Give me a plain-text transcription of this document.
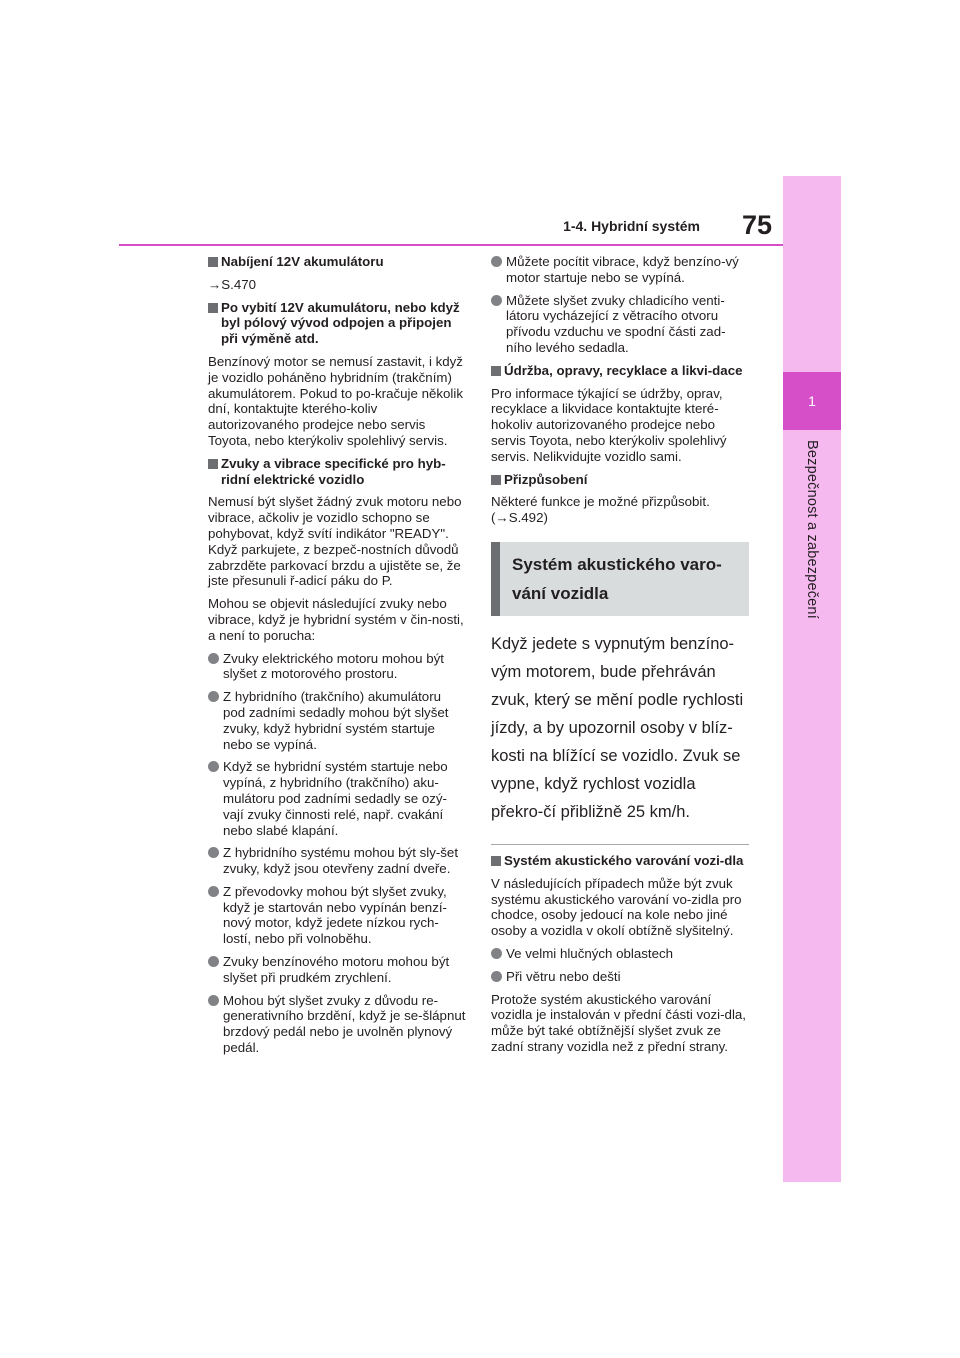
1
Bezpečnost a zabezpečení
1-4. Hybridní systém 75
Nabíjení 12V akumulátoru
→S.470
Po vybití 12V akumulátoru, nebo když byl pólový vývod odpojen a připojen při výměně atd.
Benzínový motor se nemusí zastavit, i když je vozidlo poháněno hybridním (trakčním) akumulátorem. Pokud to po-kračuje několik dní, kontaktujte kterého-koliv autorizovaného prodejce nebo servis Toyota, nebo kterýkoliv spolehlivý servis.
Zvuky a vibrace specifické pro hyb-ridní elektrické vozidlo
Nemusí být slyšet žádný zvuk motoru nebo vibrace, ačkoliv je vozidlo schopno se pohybovat, když svítí indikátor "READY". Když parkujete, z bezpeč-nostních důvodů zabrzděte parkovací brzdu a ujistěte se, že jste přesunuli ř-adicí páku do P.
Mohou se objevit následující zvuky nebo vibrace, když je hybridní systém v čin-nosti, a není to porucha:
Zvuky elektrického motoru mohou být slyšet z motorového prostoru.
Z hybridního (trakčního) akumulátoru pod zadními sedadly mohou být slyšet zvuky, když hybridní systém startuje nebo se vypíná.
Když se hybridní systém startuje nebo vypíná, z hybridního (trakčního) aku-mulátoru pod zadními sedadly se ozý-vají zvuky činnosti relé, např. cvakání nebo slabé klapání.
Z hybridního systému mohou být sly-šet zvuky, když jsou otevřeny zadní dveře.
Z převodovky mohou být slyšet zvuky, když je startován nebo vypínán benzí-nový motor, když jedete nízkou rych-lostí, nebo při volnoběhu.
Zvuky benzínového motoru mohou být slyšet při prudkém zrychlení.
Mohou být slyšet zvuky z důvodu re-generativního brzdění, když je se-šlápnut brzdový pedál nebo je uvolněn plynový pedál.
Můžete pocítit vibrace, když benzíno-vý motor startuje nebo se vypíná.
Můžete slyšet zvuky chladicího venti-látoru vycházející z větracího otvoru přívodu vzduchu ve spodní části zad-ního levého sedadla.
Údržba, opravy, recyklace a likvi-dace
Pro informace týkající se údržby, oprav, recyklace a likvidace kontaktujte které-hokoliv autorizovaného prodejce nebo servis Toyota, nebo kterýkoliv spolehlivý servis. Nelikvidujte vozidlo sami.
Přizpůsobení
Některé funkce je možné přizpůsobit. (→S.492)
Systém akustického varo-vání vozidla
Když jedete s vypnutým benzíno-vým motorem, bude přehráván zvuk, který se mění podle rychlosti jízdy, a by upozornil osoby v blíz-kosti na blížící se vozidlo. Zvuk se vypne, když rychlost vozidla překro-čí přibližně 25 km/h.
Systém akustického varování vozi-dla
V následujících případech může být zvuk systému akustického varování vo-zidla pro chodce, osoby jedoucí na kole nebo jiné osoby a vozidla v okolí obtížně slyšitelný.
Ve velmi hlučných oblastech
Při větru nebo dešti
Protože systém akustického varování vozidla je instalován v přední části vozi-dla, může být také obtížnější slyšet zvuk ze zadní strany vozidla než z přední strany.
